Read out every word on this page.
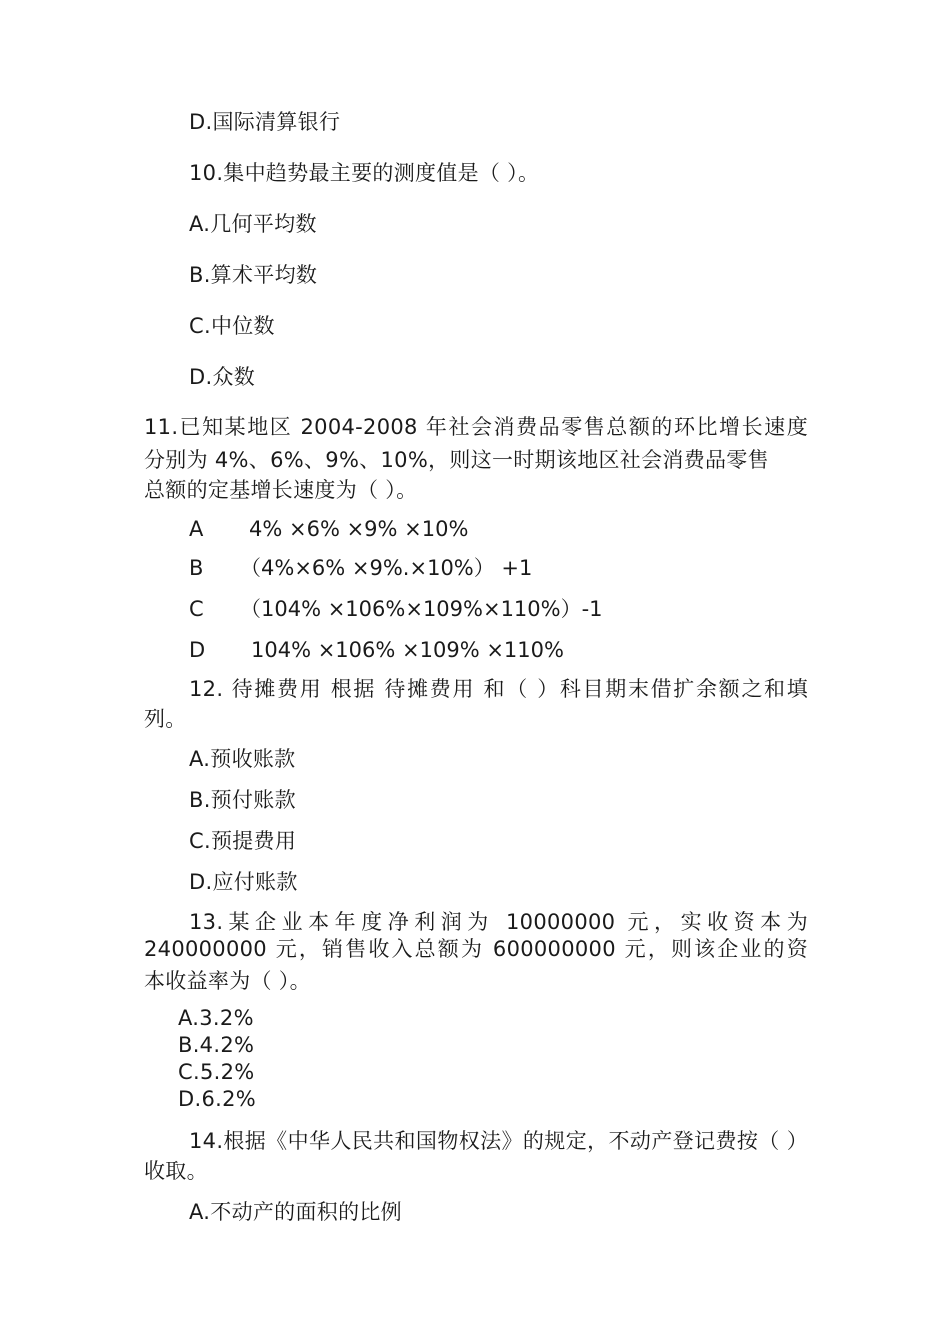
D.国际清算银行
10.集中趋势最主要的测度值是（ ）。
A.几何平均数
B.算术平均数
C.中位数
D.众数
11.已知某地区 2004-2008 年社会消费品零售总额的环比增长速度
分别为 4%、6%、9%、10%，则这一时期该地区社会消费品零售
总额的定基增长速度为（ ）。
A 4% ×6% ×9% ×10%
B （4%×6% ×9%.×10%） +1
C （104% ×106%×109%×110%）-1
D 104% ×106% ×109% ×110%
12. 待摊费用 根据 待摊费用 和（ ）科目期末借扩余额之和填
列。
A.预收账款
B.预付账款
C.预提费用
D.应付账款
13.某企业本年度净利润为 10000000 元，实收资本为
240000000 元，销售收入总额为 600000000 元，则该企业的资
本收益率为（ ）。
A.3.2%
B.4.2%
C.5.2%
D.6.2%
14.根据《中华人民共和国物权法》的规定，不动产登记费按（ ）
收取。
A.不动产的面积的比例
